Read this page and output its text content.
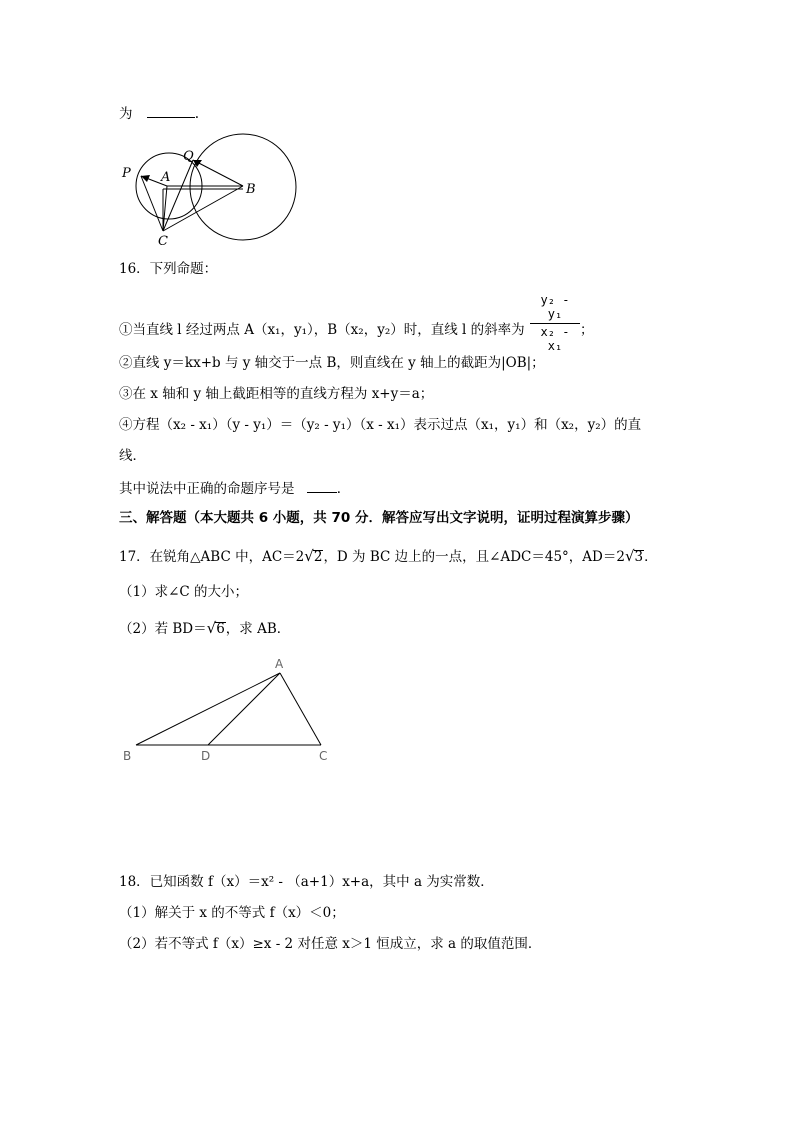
为	.
P A
Q
B
C
16．下列命题：
$\frac{\text{y₂ - y₁}}{\text{x₂ - x₁}}$
①当直线 l 经过两点 A（x₁，y₁），B（x₂，y₂）时，直线 l 的斜率为	；
②直线 y＝kx+b 与 y 轴交于一点 B，则直线在 y 轴上的截距为|OB|；
③在 x 轴和 y 轴上截距相等的直线方程为 x+y＝a；
④方程（x₂ - x₁）（y - y₁）＝（y₂ - y₁）（x - x₁）表示过点（x₁，y₁）和（x₂，y₂）的直
线．
其中说法中正确的命题序号是	．
三、解答题（本大题共 6 小题，共 70 分．解答应写出文字说明，证明过程演算步骤）
17．在锐角△ABC 中，AC＝2√2，D 为 BC 边上的一点，且∠ADC＝45°，AD＝2√3．
（1）求∠C 的大小；
（2）若 BD＝√6，求 AB．
A
B	D	C
18．已知函数 f（x）＝x² - （a+1）x+a，其中 a 为实常数．
（1）解关于 x 的不等式 f（x）＜0；
（2）若不等式 f（x）≥x - 2 对任意 x＞1 恒成立，求 a 的取值范围．
